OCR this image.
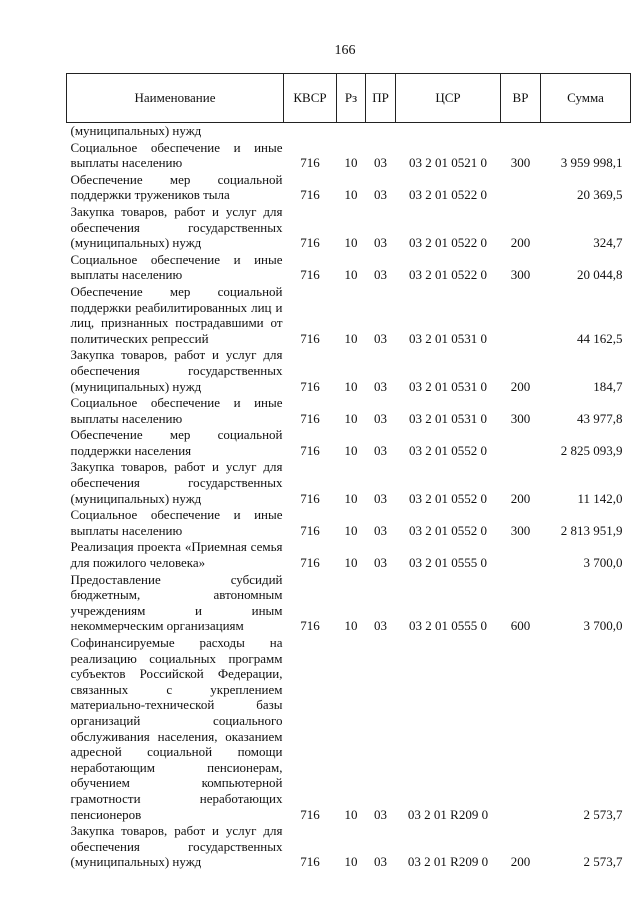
166
Наименование	КВСР	Рз	ПР	ЦСР	ВР	Сумма
(муниципальных) нужд						
Социальное обеспечение и иные выплаты населению	716	10	03	03 2 01 0521 0	300	3 959 998,1
Обеспечение мер социальной поддержки тружеников тыла	716	10	03	03 2 01 0522 0		20 369,5
Закупка товаров, работ и услуг для обеспечения государственных (муниципальных) нужд	716	10	03	03 2 01 0522 0	200	324,7
Социальное обеспечение и иные выплаты населению	716	10	03	03 2 01 0522 0	300	20 044,8
Обеспечение мер социальной поддержки реабилитированных лиц и лиц, признанных пострадавшими от политических репрессий	716	10	03	03 2 01 0531 0		44 162,5
Закупка товаров, работ и услуг для обеспечения государственных (муниципальных) нужд	716	10	03	03 2 01 0531 0	200	184,7
Социальное обеспечение и иные выплаты населению	716	10	03	03 2 01 0531 0	300	43 977,8
Обеспечение мер социальной поддержки населения	716	10	03	03 2 01 0552 0		2 825 093,9
Закупка товаров, работ и услуг для обеспечения государственных (муниципальных) нужд	716	10	03	03 2 01 0552 0	200	11 142,0
Социальное обеспечение и иные выплаты населению	716	10	03	03 2 01 0552 0	300	2 813 951,9
Реализация проекта «Приемная семья для пожилого человека»	716	10	03	03 2 01 0555 0		3 700,0
Предоставление субсидий бюджетным, автономным учреждениям и иным некоммерческим организациям	716	10	03	03 2 01 0555 0	600	3 700,0
Софинансируемые расходы на реализацию социальных программ субъектов Российской Федерации, связанных с укреплением материально-технической базы организаций социального обслуживания населения, оказанием адресной социальной помощи неработающим пенсионерам, обучением компьютерной грамотности неработающих пенсионеров	716	10	03	03 2 01 R209 0		2 573,7
Закупка товаров, работ и услуг для обеспечения государственных (муниципальных) нужд	716	10	03	03 2 01 R209 0	200	2 573,7
